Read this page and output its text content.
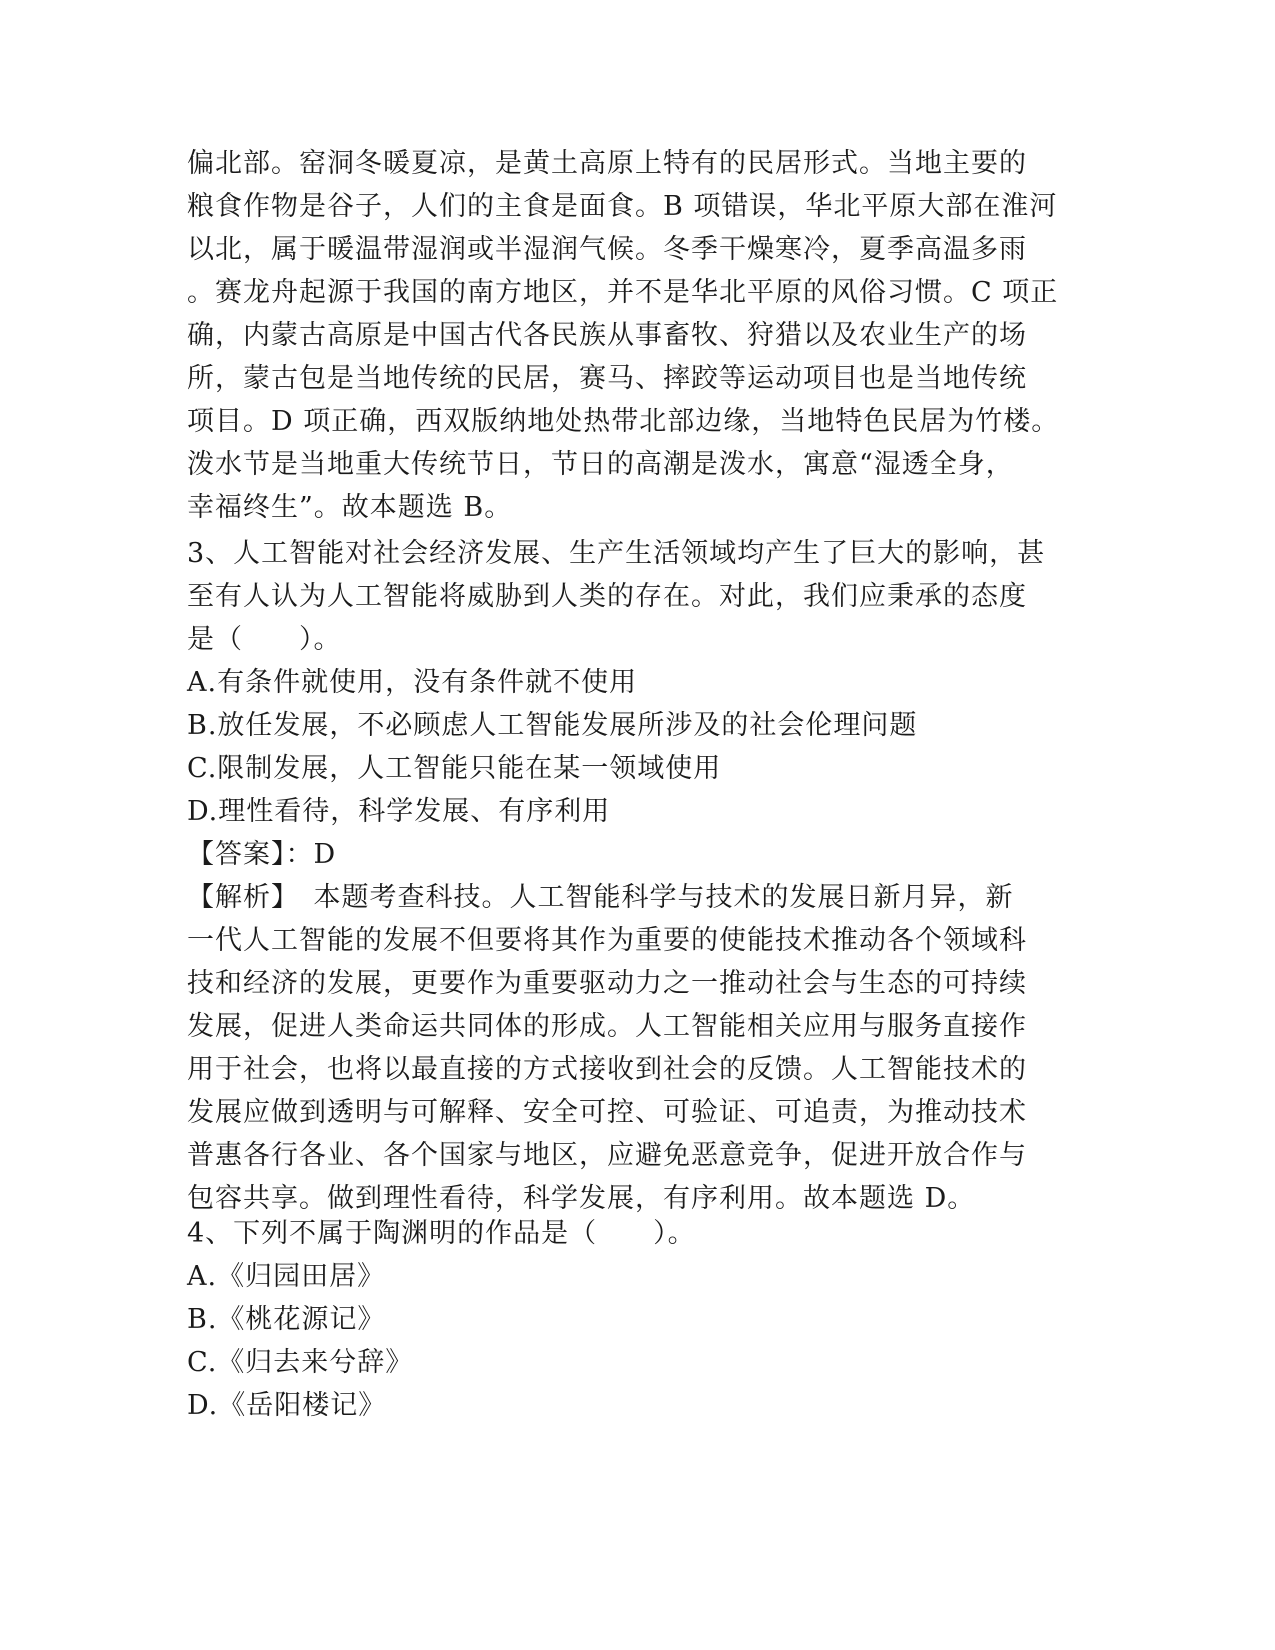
偏北部。窑洞冬暖夏凉，是黄土高原上特有的民居形式。当地主要的
粮食作物是谷子，人们的主食是面食。B 项错误，华北平原大部在淮河
以北，属于暖温带湿润或半湿润气候。冬季干燥寒冷，夏季高温多雨
。赛龙舟起源于我国的南方地区，并不是华北平原的风俗习惯。C 项正
确，内蒙古高原是中国古代各民族从事畜牧、狩猎以及农业生产的场
所，蒙古包是当地传统的民居，赛马、摔跤等运动项目也是当地传统
项目。D 项正确，西双版纳地处热带北部边缘，当地特色民居为竹楼。
泼水节是当地重大传统节日，节日的高潮是泼水，寓意“湿透全身，
幸福终生”。故本题选 B。
3、人工智能对社会经济发展、生产生活领域均产生了巨大的影响，甚
至有人认为人工智能将威胁到人类的存在。对此，我们应秉承的态度
是（　　）。
A.有条件就使用，没有条件就不使用
B.放任发展，不必顾虑人工智能发展所涉及的社会伦理问题
C.限制发展，人工智能只能在某一领域使用
D.理性看待，科学发展、有序利用
【答案】：D
【解析】　本题考查科技。人工智能科学与技术的发展日新月异，新
一代人工智能的发展不但要将其作为重要的使能技术推动各个领域科
技和经济的发展，更要作为重要驱动力之一推动社会与生态的可持续
发展，促进人类命运共同体的形成。人工智能相关应用与服务直接作
用于社会，也将以最直接的方式接收到社会的反馈。人工智能技术的
发展应做到透明与可解释、安全可控、可验证、可追责，为推动技术
普惠各行各业、各个国家与地区，应避免恶意竞争，促进开放合作与
包容共享。做到理性看待，科学发展，有序利用。故本题选 D。
4、下列不属于陶渊明的作品是（　　）。
A.《归园田居》
B.《桃花源记》
C.《归去来兮辞》
D.《岳阳楼记》
